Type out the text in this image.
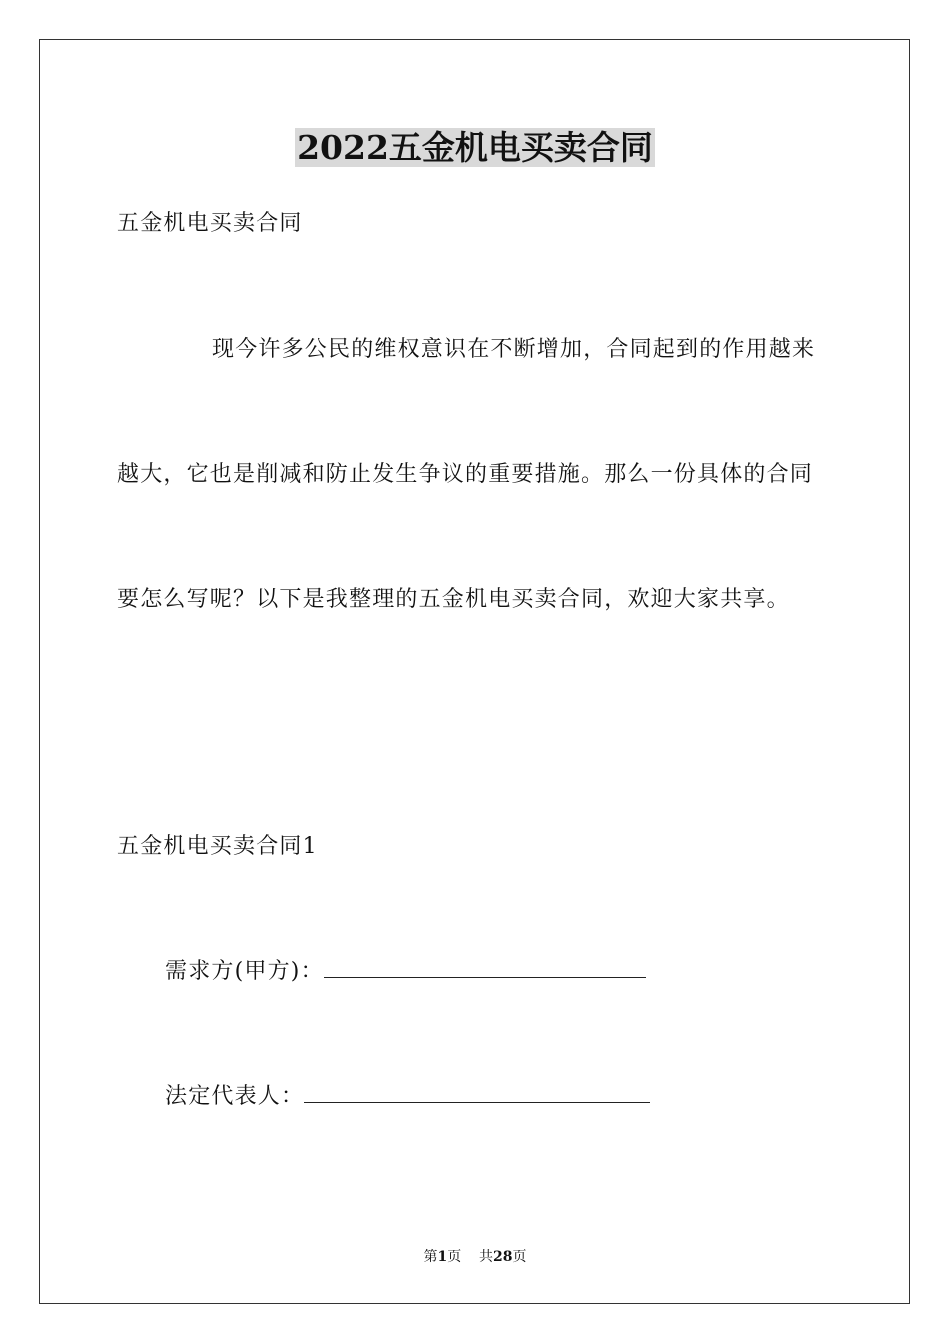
2022五金机电买卖合同
五金机电买卖合同
现今许多公民的维权意识在不断增加，合同起到的作用越来
越大，它也是削减和防止发生争议的重要措施。那么一份具体的合同
要怎么写呢？以下是我整理的五金机电买卖合同，欢迎大家共享。
五金机电买卖合同1
需求方(甲方)：
法定代表人：
第1页 共28页
